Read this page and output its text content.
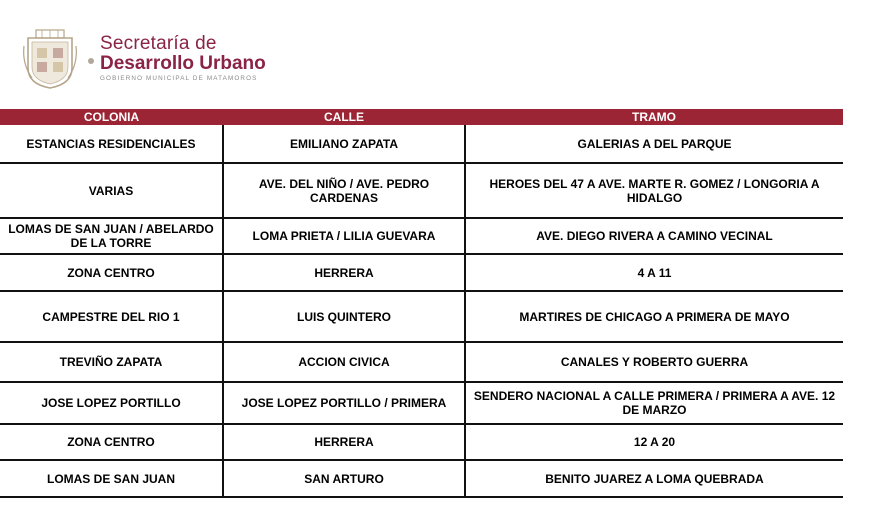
Secretaría de
Desarrollo Urbano
GOBIERNO MUNICIPAL DE MATAMOROS
COLONIA	CALLE	TRAMO
ESTANCIAS RESIDENCIALES	EMILIANO ZAPATA	GALERIAS A DEL PARQUE
VARIAS	AVE. DEL NIÑO / AVE. PEDRO CARDENAS	HEROES DEL 47 A AVE. MARTE R. GOMEZ / LONGORIA A HIDALGO
LOMAS DE SAN JUAN / ABELARDO DE LA TORRE	LOMA PRIETA / LILIA GUEVARA	AVE. DIEGO RIVERA A CAMINO VECINAL
ZONA CENTRO	HERRERA	4 A 11
CAMPESTRE DEL RIO 1	LUIS QUINTERO	MARTIRES DE CHICAGO A PRIMERA DE MAYO
TREVIÑO ZAPATA	ACCION CIVICA	CANALES Y ROBERTO GUERRA
JOSE LOPEZ PORTILLO	JOSE LOPEZ PORTILLO / PRIMERA	SENDERO NACIONAL A CALLE PRIMERA / PRIMERA A AVE. 12 DE MARZO
ZONA CENTRO	HERRERA	12 A 20
LOMAS DE SAN JUAN	SAN ARTURO	BENITO JUAREZ A LOMA QUEBRADA
